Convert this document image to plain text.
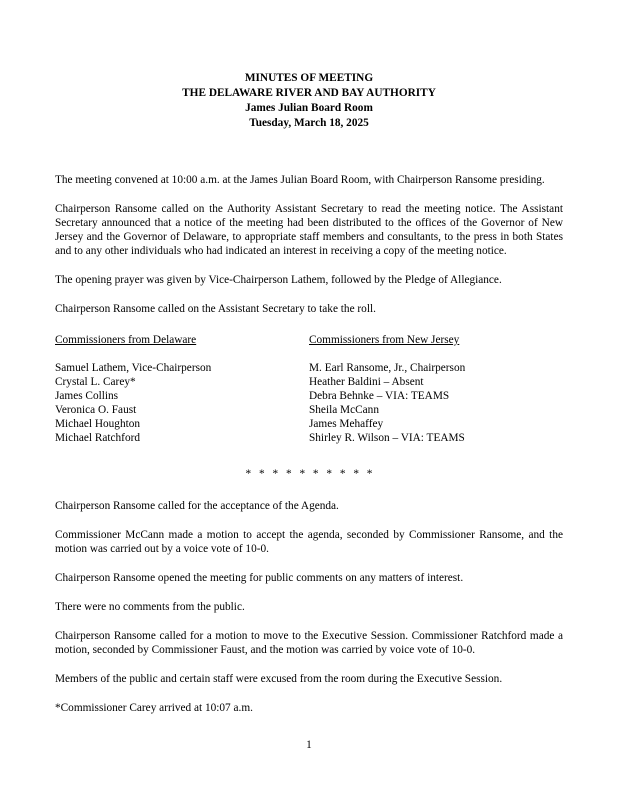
MINUTES OF MEETING
THE DELAWARE RIVER AND BAY AUTHORITY
James Julian Board Room
Tuesday, March 18, 2025

The meeting convened at 10:00 a.m. at the James Julian Board Room, with Chairperson Ransome presiding.

Chairperson Ransome called on the Authority Assistant Secretary to read the meeting notice. The Assistant Secretary announced that a notice of the meeting had been distributed to the offices of the Governor of New Jersey and the Governor of Delaware, to appropriate staff members and consultants, to the press in both States and to any other individuals who had indicated an interest in receiving a copy of the meeting notice.

The opening prayer was given by Vice-Chairperson Lathem, followed by the Pledge of Allegiance.

Chairperson Ransome called on the Assistant Secretary to take the roll.

Commissioners from Delaware
Samuel Lathem, Vice-Chairperson
Crystal L. Carey*
James Collins
Veronica O. Faust
Michael Houghton
Michael Ratchford
Commissioners from New Jersey
M. Earl Ransome, Jr., Chairperson
Heather Baldini – Absent
Debra Behnke – VIA: TEAMS
Sheila McCann
James Mehaffey
Shirley R. Wilson – VIA: TEAMS
* * * * * * * * * *

Chairperson Ransome called for the acceptance of the Agenda.

Commissioner McCann made a motion to accept the agenda, seconded by Commissioner Ransome, and the motion was carried out by a voice vote of 10-0.

Chairperson Ransome opened the meeting for public comments on any matters of interest.

There were no comments from the public.

Chairperson Ransome called for a motion to move to the Executive Session. Commissioner Ratchford made a motion, seconded by Commissioner Faust, and the motion was carried by voice vote of 10-0.

Members of the public and certain staff were excused from the room during the Executive Session.

*Commissioner Carey arrived at 10:07 a.m.

1
